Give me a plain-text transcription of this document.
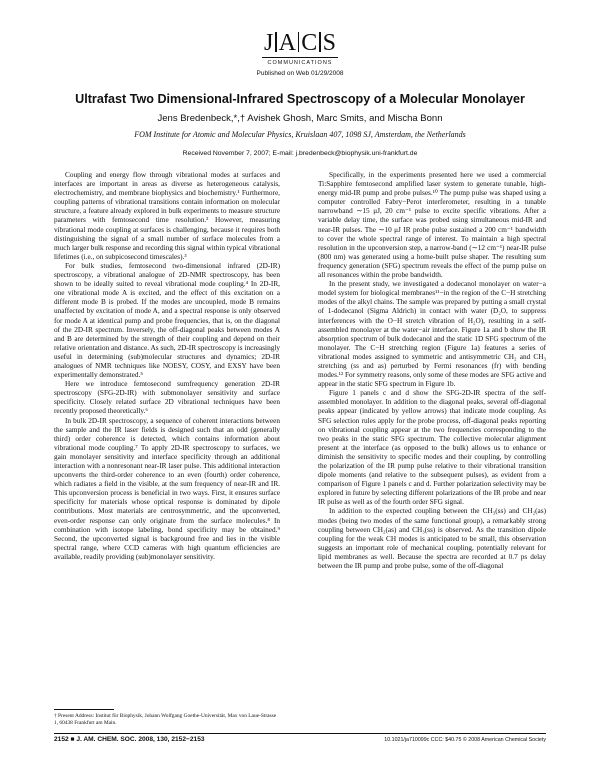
J A C S
COMMUNICATIONS
Published on Web 01/29/2008
Ultrafast Two Dimensional-Infrared Spectroscopy of a Molecular Monolayer
Jens Bredenbeck,*,† Avishek Ghosh, Marc Smits, and Mischa Bonn
FOM Institute for Atomic and Molecular Physics, Kruislaan 407, 1098 SJ, Amsterdam, the Netherlands
Received November 7, 2007; E-mail: j.bredenbeck@biophysik.uni-frankfurt.de

Coupling and energy flow through vibrational modes at surfaces and interfaces are important in areas as diverse as heterogeneous catalysis, electrochemistry, and membrane biophysics and biochemistry.¹ Furthermore, coupling patterns of vibrational transitions contain information on molecular structure, a feature already explored in bulk experiments to measure structure parameters with femtosecond time resolution.² However, measuring vibrational mode coupling at surfaces is challenging, because it requires both distinguishing the signal of a small number of surface molecules from a much larger bulk response and recording this signal within typical vibrational lifetimes (i.e., on subpicosecond timescales).³

For bulk studies, femtosecond two-dimensional infrared (2D-IR) spectroscopy, a vibrational analogue of 2D-NMR spectroscopy, has been shown to be ideally suited to reveal vibrational mode coupling.⁴ In 2D-IR, one vibrational mode A is excited, and the effect of this excitation on a different mode B is probed. If the modes are uncoupled, mode B remains unaffected by excitation of mode A, and a spectral response is only observed for mode A at identical pump and probe frequencies, that is, on the diagonal of the 2D-IR spectrum. Inversely, the off-diagonal peaks between modes A and B are determined by the strength of their coupling and depend on their relative orientation and distance. As such, 2D-IR spectroscopy is increasingly useful in determining (sub)molecular structures and dynamics; 2D-IR analogues of NMR techniques like NOESY, COSY, and EXSY have been experimentally demonstrated.⁵

Here we introduce femtosecond sumfrequency generation 2D-IR spectroscopy (SFG-2D-IR) with submonolayer sensitivity and surface specificity. Closely related surface 2D vibrational techniques have been recently proposed theoretically.⁶

In bulk 2D-IR spectroscopy, a sequence of coherent interactions between the sample and the IR laser fields is designed such that an odd (generally third) order coherence is detected, which contains information about vibrational mode coupling.⁷ To apply 2D-IR spectroscopy to surfaces, we gain monolayer sensitivity and interface specificity through an additional interaction with a nonresonant near-IR laser pulse. This additional interaction upconverts the third-order coherence to an even (fourth) order coherence, which radiates a field in the visible, at the sum frequency of near-IR and IR. This upconversion process is beneficial in two ways. First, it ensures surface specificity for materials whose optical response is dominated by dipole contributions. Most materials are centrosymmetric, and the upconverted, even-order response can only originate from the surface molecules.⁸ In combination with isotope labeling, bond specificity may be obtained.⁹ Second, the upconverted signal is background free and lies in the visible spectral range, where CCD cameras with high quantum efficiencies are available, readily providing (sub)monolayer sensitivity.

Specifically, in the experiments presented here we used a commercial Ti:Sapphire femtosecond amplified laser system to generate tunable, high-energy mid-IR pump and probe pulses.¹⁰ The pump pulse was shaped using a computer controlled Fabry−Perot interferometer, resulting in a tunable narrowband ∼15 μJ, 20 cm⁻¹ pulse to excite specific vibrations. After a variable delay time, the surface was probed using simultaneous mid-IR and near-IR pulses. The ∼10 μJ IR probe pulse sustained a 200 cm⁻¹ bandwidth to cover the whole spectral range of interest. To maintain a high spectral resolution in the upconversion step, a narrow-band (∼12 cm⁻¹) near-IR pulse (800 nm) was generated using a home-built pulse shaper. The resulting sum frequency generation (SFG) spectrum reveals the effect of the pump pulse on all resonances within the probe bandwidth.

In the present study, we investigated a dodecanol monolayer on water−a model system for biological membranes¹¹−in the region of the C−H stretching modes of the alkyl chains. The sample was prepared by putting a small crystal of 1-dodecanol (Sigma Aldrich) in contact with water (D₂O, to suppress interferences with the O−H stretch vibration of H₂O), resulting in a self-assembled monolayer at the water−air interface. Figure 1a and b show the IR absorption spectrum of bulk dodecanol and the static 1D SFG spectrum of the monolayer. The C−H stretching region (Figure 1a) features a series of vibrational modes assigned to symmetric and antisymmetric CH₂ and CH₃ stretching (ss and as) perturbed by Fermi resonances (fr) with bending modes.¹² For symmetry reasons, only some of these modes are SFG active and appear in the static SFG spectrum in Figure 1b.

Figure 1 panels c and d show the SFG-2D-IR spectra of the self-assembled monolayer. In addition to the diagonal peaks, several off-diagonal peaks appear (indicated by yellow arrows) that indicate mode coupling. As SFG selection rules apply for the probe process, off-diagonal peaks reporting on vibrational coupling appear at the two frequencies corresponding to the two peaks in the static SFG spectrum. The collective molecular alignment present at the interface (as opposed to the bulk) allows us to enhance or diminish the sensitivity to specific modes and their coupling, by controlling the polarization of the IR pump pulse relative to their vibrational transition dipole moments (and relative to the subsequent pulses), as evident from a comparison of Figure 1 panels c and d. Further polarization selectivity may be explored in future by selecting different polarizations of the IR probe and near IR pulse as well as of the fourth order SFG signal.

In addition to the expected coupling between the CH₃(ss) and CH₂(as) modes (being two modes of the same functional group), a remarkably strong coupling between CH₂(as) and CH₃(ss) is observed. As the transition dipole coupling for the weak CH modes is anticipated to be small, this observation suggests an important role of mechanical coupling, potentially relevant for lipid membranes as well. Because the spectra are recorded at 0.7 ps delay between the IR pump and probe pulse, some of the off-diagonal

† Present Address: Institut für Biophysik, Johann Wolfgang Goethe-Universität, Max von Laue-Strasse 1, 60438 Frankfurt am Main.
2152 ■ J. AM. CHEM. SOC. 2008, 130, 2152−2153	10.1021/ja710099c CCC: $40.75 © 2008 American Chemical Society
